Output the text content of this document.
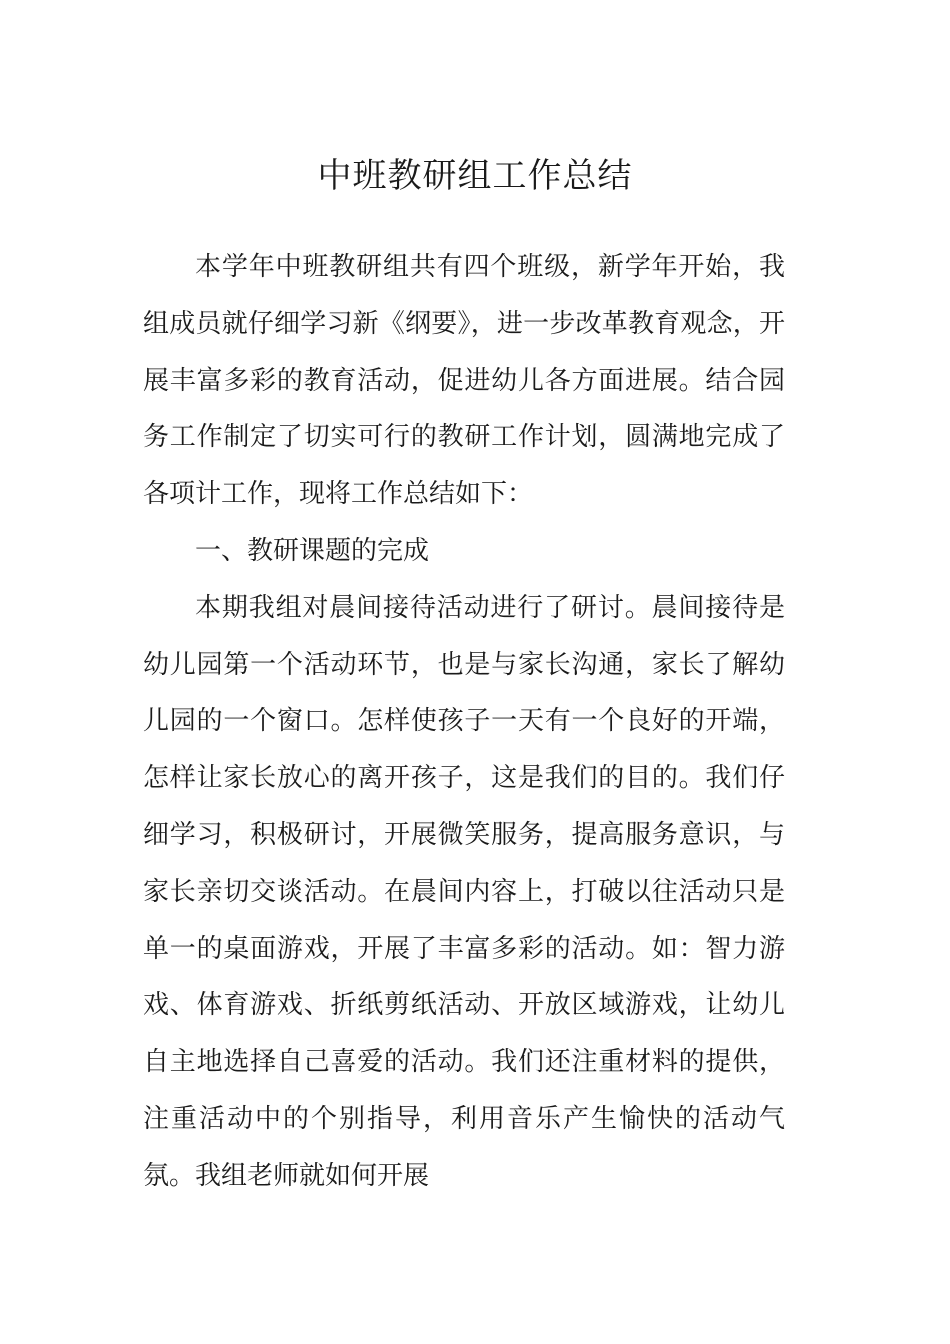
中班教研组工作总结

本学年中班教研组共有四个班级，新学年开始，我组成员就仔细学习新《纲要》，进一步改革教育观念，开展丰富多彩的教育活动，促进幼儿各方面进展。结合园务工作制定了切实可行的教研工作计划，圆满地完成了各项计工作，现将工作总结如下：

一、教研课题的完成

本期我组对晨间接待活动进行了研讨。晨间接待是幼儿园第一个活动环节，也是与家长沟通，家长了解幼儿园的一个窗口。怎样使孩子一天有一个良好的开端，怎样让家长放心的离开孩子，这是我们的目的。我们仔细学习，积极研讨，开展微笑服务，提高服务意识，与家长亲切交谈活动。在晨间内容上，打破以往活动只是单一的桌面游戏，开展了丰富多彩的活动。如：智力游戏、体育游戏、折纸剪纸活动、开放区域游戏，让幼儿自主地选择自己喜爱的活动。我们还注重材料的提供，注重活动中的个别指导，利用音乐产生愉快的活动气氛。我组老师就如何开展
